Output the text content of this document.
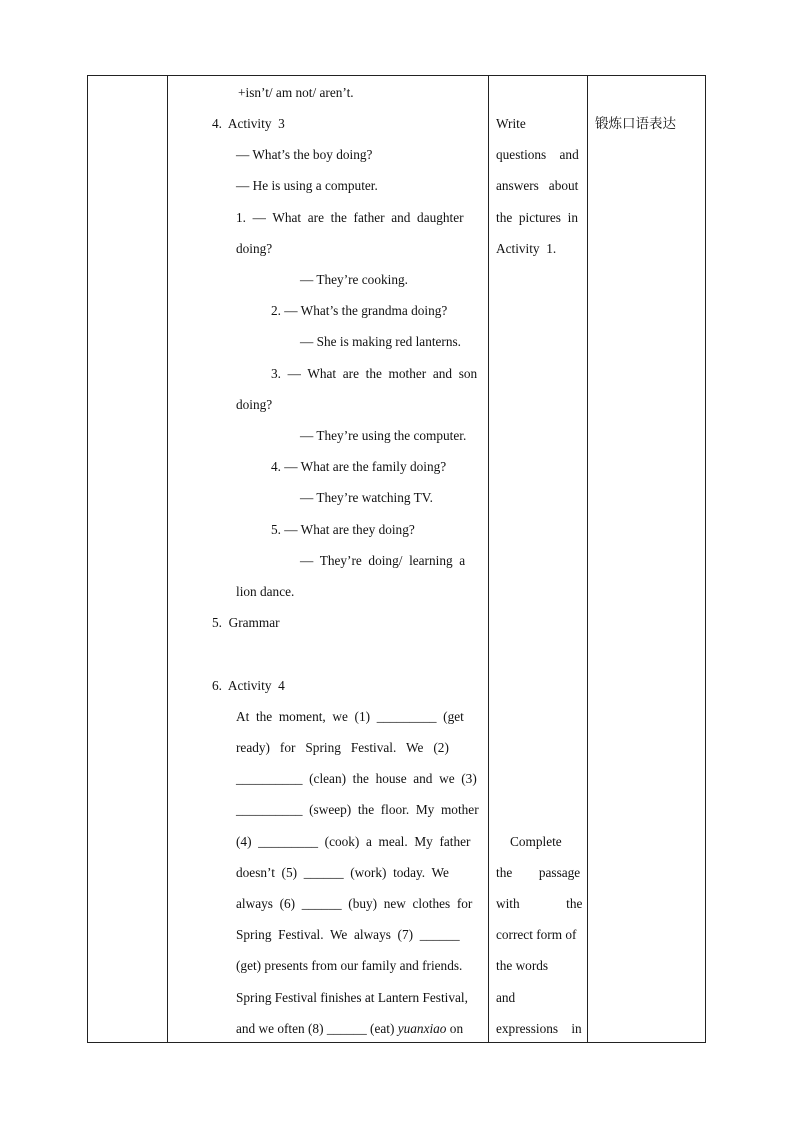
+isn’t/ am not/ aren’t.
4.  Activity  3
— What’s the boy doing?
— He is using a computer.
1.  —  What  are  the  father  and  daughter
doing?
— They’re cooking.
2. — What’s the grandma doing?
— She is making red lanterns.
3.  —  What  are  the  mother  and  son
doing?
— They’re using the computer.
4. — What are the family doing?
— They’re watching TV.
5. — What are they doing?
—  They’re  doing/  learning  a
lion dance.
5.  Grammar
6.  Activity  4
At  the  moment,  we  (1)  _________  (get
ready)   for   Spring   Festival.   We   (2)
__________  (clean)  the  house  and  we  (3)
__________  (sweep)  the  floor.  My  mother
(4)  _________  (cook)  a  meal.  My  father
doesn’t  (5)  ______  (work)  today.  We
always  (6)  ______  (buy)  new  clothes  for
Spring  Festival.  We  always  (7)  ______
(get) presents from our family and friends.
Spring Festival finishes at Lantern Festival,
and we often (8) ______ (eat) yuanxiao on
Write
questions    and
answers   about
the  pictures  in
Activity  1.
Complete
the        passage
with              the
correct form of
the words
and
expressions    in
锻炼口语表达
